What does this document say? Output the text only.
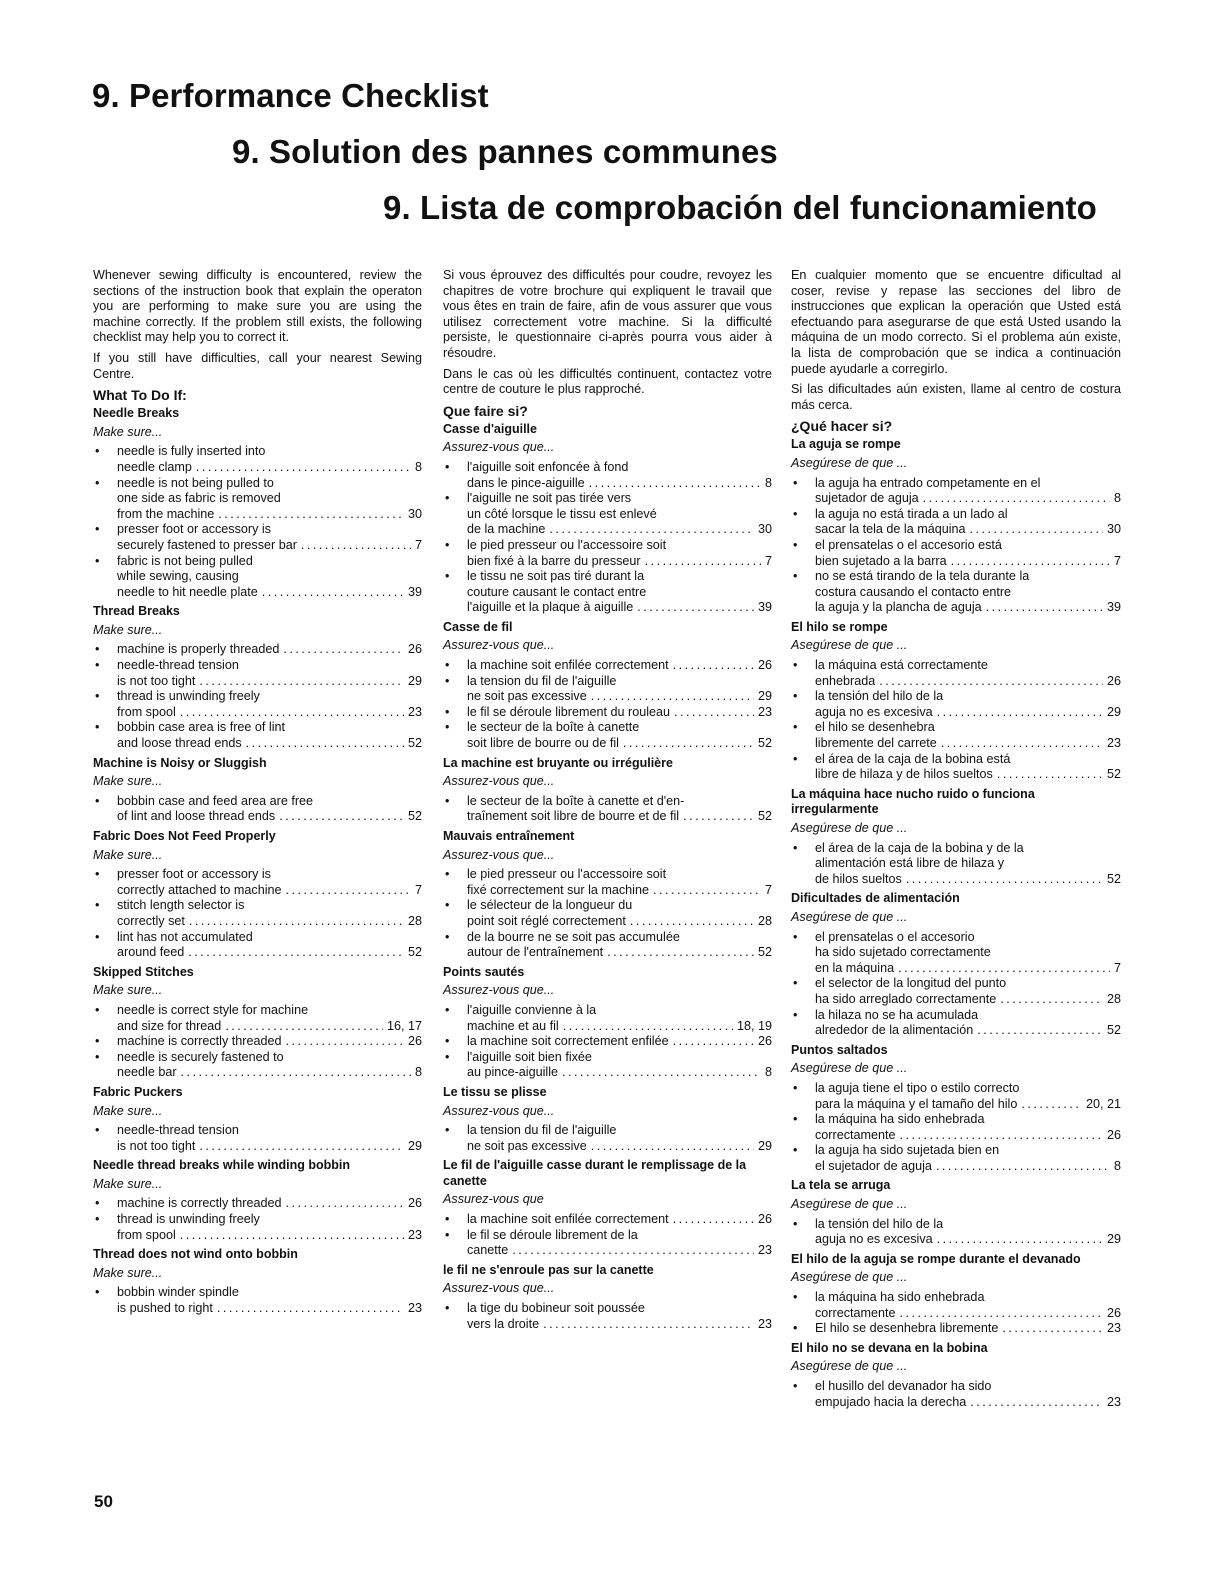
9. Performance Checklist
9. Solution des pannes communes
9. Lista de comprobación del funcionamiento

Whenever sewing difficulty is encountered, review the sections of the instruction book that explain the operaton you are performing to make sure you are using the machine correctly. If the problem still exists, the following checklist may help you to correct it.

If you still have difficulties, call your nearest Sewing Centre.

What To Do If:
Needle Breaks
Make sure...
• needle is fully inserted into
needle clamp .....	8
• needle is not being pulled to
one side as fabric is removed
from the machine .....	30
• presser foot or accessory is
securely fastened to presser bar .....	7
• fabric is not being pulled
while sewing, causing
needle to hit needle plate .....	39
Thread Breaks
Make sure...
• machine is properly threaded .....	26
• needle-thread tension
is not too tight .....	29
• thread is unwinding freely
from spool .....	23
• bobbin case area is free of lint
and loose thread ends .....	52
Machine is Noisy or Sluggish
Make sure...
• bobbin case and feed area are free
of lint and loose thread ends .....	52
Fabric Does Not Feed Properly
Make sure...
• presser foot or accessory is
correctly attached to machine .....	7
• stitch length selector is
correctly set .....	28
• lint has not accumulated
around feed .....	52
Skipped Stitches
Make sure...
• needle is correct style for machine
and size for thread .....	16, 17
• machine is correctly threaded .....	26
• needle is securely fastened to
needle bar .....	8
Fabric Puckers
Make sure...
• needle-thread tension
is not too tight .....	29
Needle thread breaks while winding bobbin
Make sure...
• machine is correctly threaded .....	26
• thread is unwinding freely
from spool .....	23
Thread does not wind onto bobbin
Make sure...
• bobbin winder spindle
is pushed to right .....	23

Si vous éprouvez des difficultés pour coudre, revoyez les chapitres de votre brochure qui expliquent le travail que vous êtes en train de faire, afin de vous assurer que vous utilisez correctement votre machine. Si la difficulté persiste, le questionnaire ci-après pourra vous aider à résoudre.

Dans le cas où les difficultés continuent, contactez votre centre de couture le plus rapproché.

Que faire si?
Casse d'aiguille
Assurez-vous que...
• l'aiguille soit enfoncée à fond
dans le pince-aiguille .....	8
• l'aiguille ne soit pas tirée vers
un côté lorsque le tissu est enlevé
de la machine .....	30
• le pied presseur ou l'accessoire soit
bien fixé à la barre du presseur .....	7
• le tissu ne soit pas tiré durant la
couture causant le contact entre
l'aiguille et la plaque à aiguille .....	39
Casse de fil
Assurez-vous que...
• la machine soit enfilée correctement .....	26
• la tension du fil de l'aiguille
ne soit pas excessive .....	29
• le fil se déroule librement du rouleau .....	23
• le secteur de la boîte à canette
soit libre de bourre ou de fil .....	52
La machine est bruyante ou irrégulière
Assurez-vous que...
• le secteur de la boîte à canette et d'en-
traînement soit libre de bourre et de fil .....	52
Mauvais entraînement
Assurez-vous que...
• le pied presseur ou l'accessoire soit
fixé correctement sur la machine .....	7
• le sélecteur de la longueur du
point soit réglé correctement .....	28
• de la bourre ne se soit pas accumulée
autour de l'entraînement .....	52
Points sautés
Assurez-vous que...
• l'aiguille convienne à la
machine et au fil .....	18, 19
• la machine soit correctement enfilée .....	26
• l'aiguille soit bien fixée
au pince-aiguille .....	8
Le tissu se plisse
Assurez-vous que...
• la tension du fil de l'aiguille
ne soit pas excessive .....	29
Le fil de l'aiguille casse durant le remplissage de la canette
Assurez-vous que
• la machine soit enfilée correctement .....	26
• le fil se déroule librement de la
canette .....	23
le fil ne s'enroule pas sur la canette
Assurez-vous que...
• la tige du bobineur soit poussée
vers la droite .....	23

En cualquier momento que se encuentre dificultad al coser, revise y repase las secciones del libro de instrucciones que explican la operación que Usted está efectuando para asegurarse de que está Usted usando la máquina de un modo correcto. Si el problema aún existe, la lista de comprobación que se indica a continuación puede ayudarle a corregirlo.

Si las dificultades aún existen, llame al centro de costura más cerca.

¿Qué hacer si?
La aguja se rompe
Asegúrese de que ...
• la aguja ha entrado competamente en el
sujetador de aguja .....	8
• la aguja no está tirada a un lado al
sacar la tela de la máquina .....	30
• el prensatelas o el accesorio está
bien sujetado a la barra .....	7
• no se está tirando de la tela durante la
costura causando el contacto entre
la aguja y la plancha de aguja .....	39
El hilo se rompe
Asegúrese de que ...
• la máquina está correctamente
enhebrada .....	26
• la tensión del hilo de la
aguja no es excesiva .....	29
• el hilo se desenhebra
libremente del carrete .....	23
• el área de la caja de la bobina está
libre de hilaza y de hilos sueltos .....	52
La máquina hace nucho ruido o funciona irregularmente
Asegúrese de que ...
• el área de la caja de la bobina y de la
alimentación está libre de hilaza y
de hilos sueltos .....	52
Dificultades de alimentación
Asegúrese de que ...
• el prensatelas o el accesorio
ha sido sujetado correctamente
en la máquina .....	7
• el selector de la longitud del punto
ha sido arreglado correctamente .....	28
• la hilaza no se ha acumulada
alrededor de la alimentación .....	52
Puntos saltados
Asegúrese de que ...
• la aguja tiene el tipo o estilo correcto
para la máquina y el tamaño del hilo .....	20, 21
• la máquina ha sido enhebrada
correctamente .....	26
• la aguja ha sido sujetada bien en
el sujetador de aguja .....	8
La tela se arruga
Asegúrese de que ...
• la tensión del hilo de la
aguja no es excesiva .....	29
El hilo de la aguja se rompe durante el devanado
Asegúrese de que ...
• la máquina ha sido enhebrada
correctamente .....	26
• El hilo se desenhebra libremente .....	23
El hilo no se devana en la bobina
Asegúrese de que ...
• el husillo del devanador ha sido
empujado hacia la derecha .....	23
50
